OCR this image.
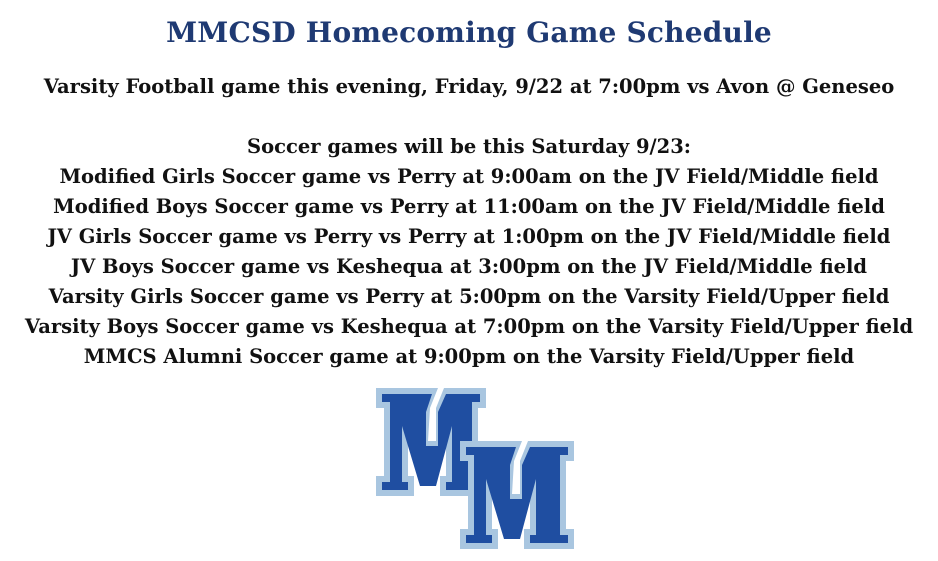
MMCSD Homecoming Game Schedule
Varsity Football game this evening, Friday, 9/22 at 7:00pm vs Avon @ Geneseo
Soccer games will be this Saturday 9/23:
Modified Girls Soccer game vs Perry at 9:00am on the JV Field/Middle field
Modified Boys Soccer game vs Perry at 11:00am on the JV Field/Middle field
JV Girls Soccer game vs Perry vs Perry at 1:00pm on the JV Field/Middle field
JV Boys Soccer game vs Keshequa at 3:00pm on the JV Field/Middle field
Varsity Girls Soccer game vs Perry at 5:00pm on the Varsity Field/Upper field
Varsity Boys Soccer game vs Keshequa at 7:00pm on the Varsity Field/Upper field
MMCS Alumni Soccer game at 9:00pm on the Varsity Field/Upper field
